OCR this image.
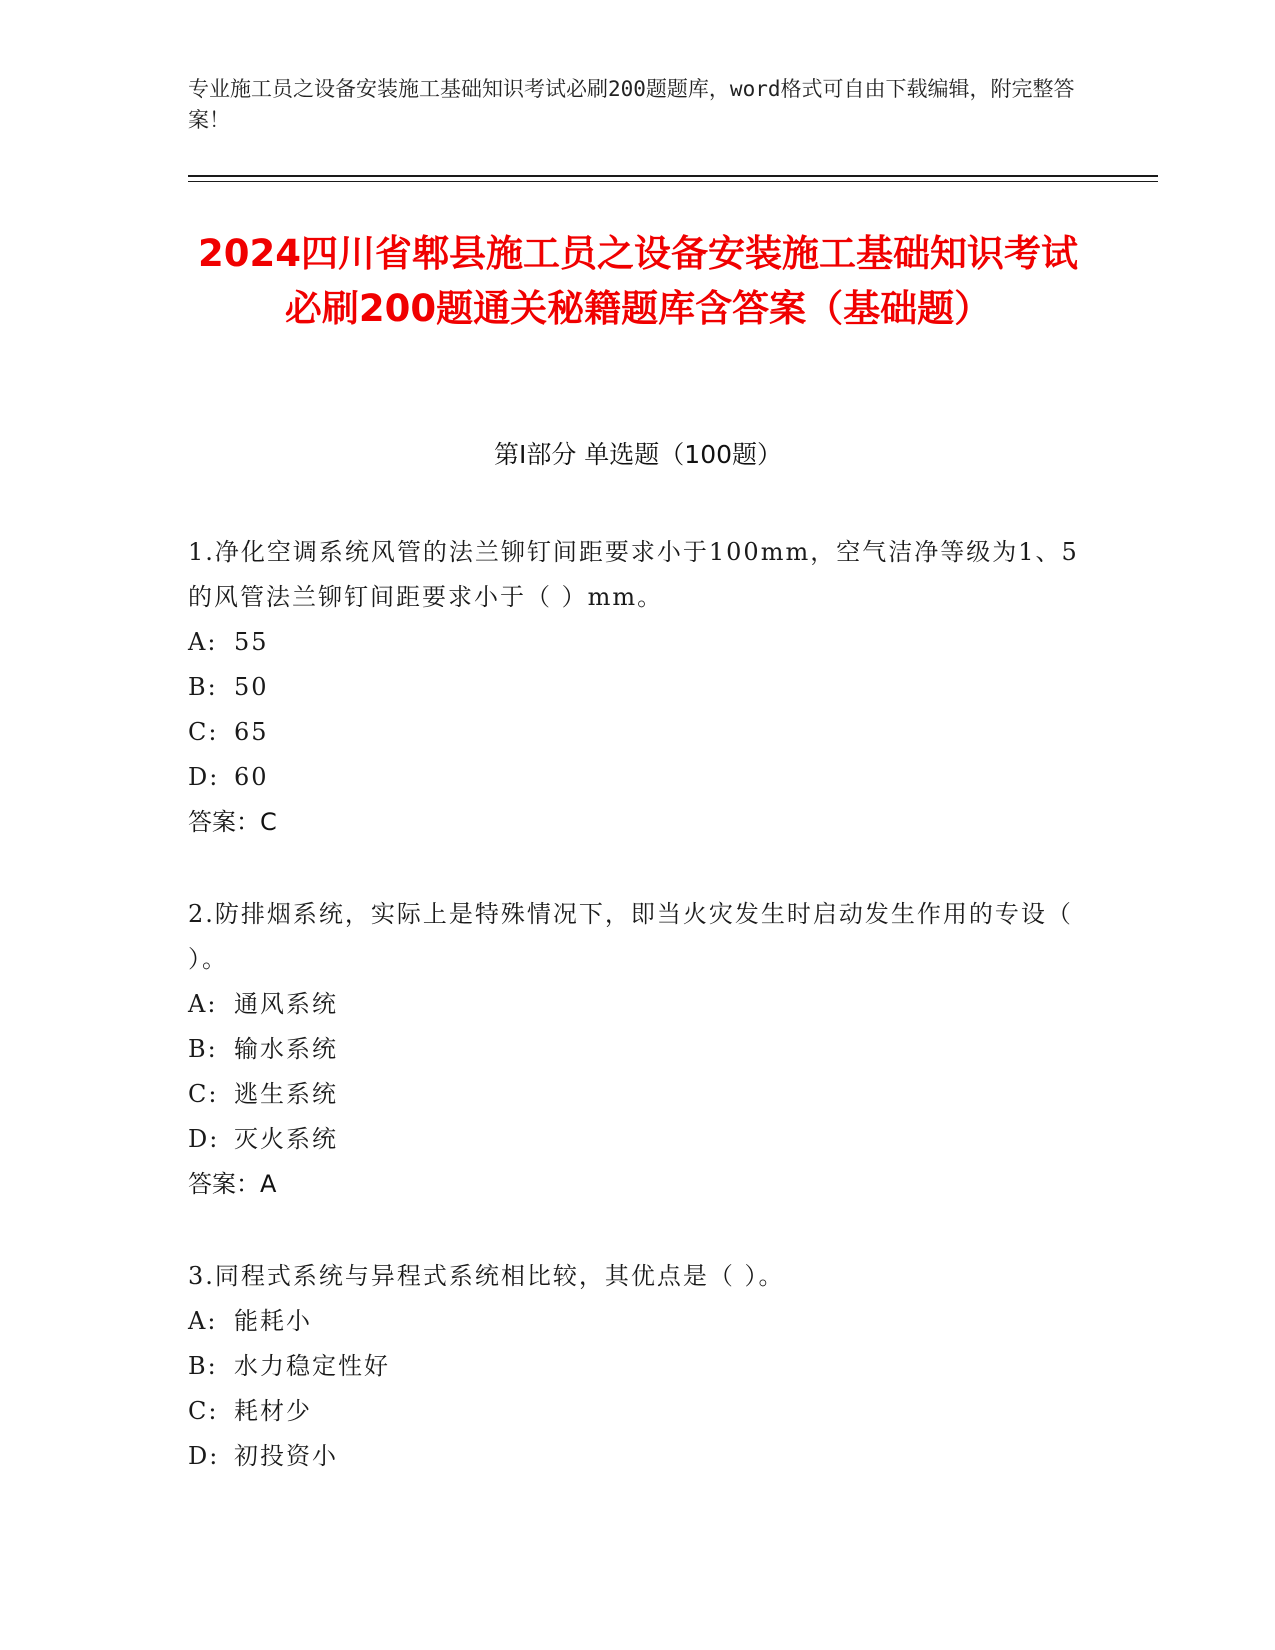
专业施工员之设备安装施工基础知识考试必刷200题题库，word格式可自由下载编辑，附完整答案！
2024四川省郫县施工员之设备安装施工基础知识考试必刷200题通关秘籍题库含答案（基础题）
第I部分 单选题（100题）
1.净化空调系统风管的法兰铆钉间距要求小于100mm，空气洁净等级为1、5的风管法兰铆钉间距要求小于（ ）mm。
A: 55
B: 50
C: 65
D: 60
答案：C
2.防排烟系统，实际上是特殊情况下，即当火灾发生时启动发生作用的专设（ ）。
A: 通风系统
B: 输水系统
C: 逃生系统
D: 灭火系统
答案：A
3.同程式系统与异程式系统相比较，其优点是（ ）。
A: 能耗小
B: 水力稳定性好
C: 耗材少
D: 初投资小
